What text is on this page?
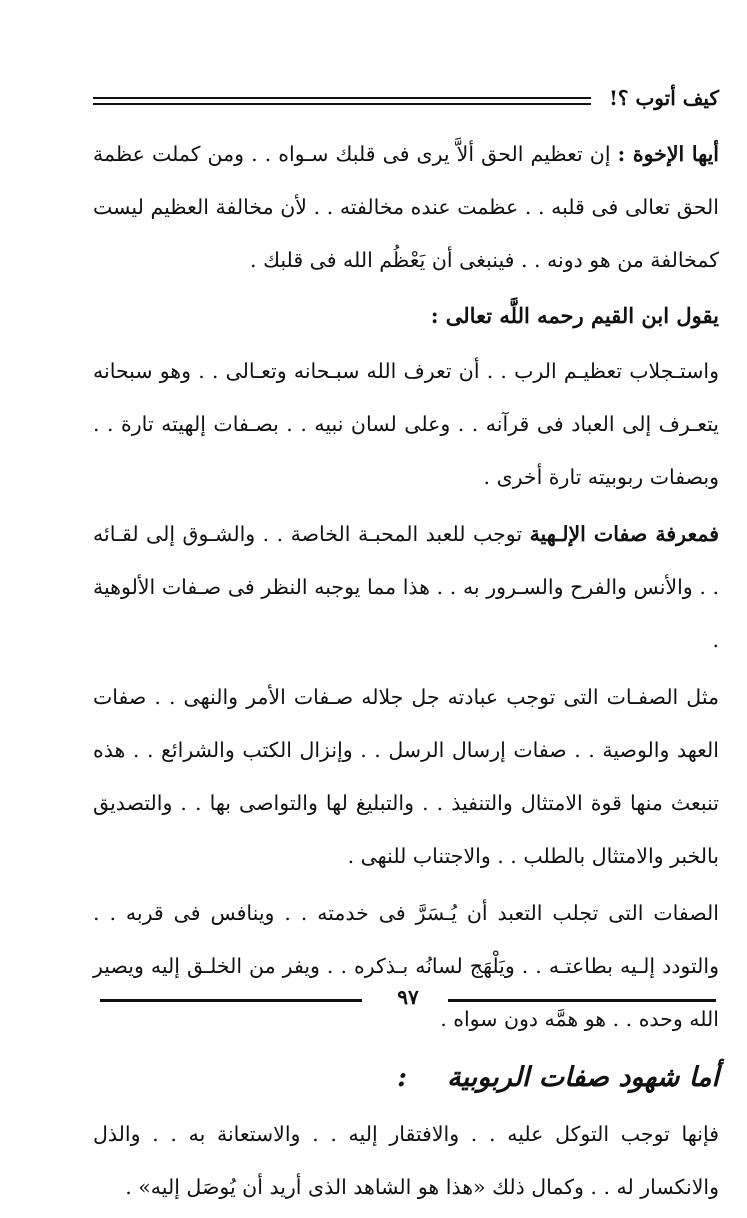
كيف أتوب ؟!

أيها الإخوة : إن تعظيم الحق ألاَّ يرى فى قلبك سـواه . . ومن كملت عظمة الحق تعالى فى قلبه . . عظمت عنده مخالفته . . لأن مخالفة العظيم ليست كمخالفة من هو دونه . . فينبغى أن يَعْظُم الله فى قلبك .

يقول ابن القيم رحمه اللَّه تعالى :

واستـجلاب تعظيـم الرب . . أن تعرف الله سبـحانه وتعـالى . . وهو سبحانه يتعـرف إلى العباد فى قرآنه . . وعلى لسان نبيه . . بصـفات إلهيته تارة . . وبصفات ربوبيته تارة أخرى .

فمعرفة صفات الإلـهية توجب للعبد المحبـة الخاصة . . والشـوق إلى لقـائه . . والأنس والفرح والسـرور به . . هذا مما يوجبه النظر فى صـفات الألوهية .

مثل الصفـات التى توجب عبادته جل جلاله صـفات الأمر والنهى . . صفات العهد والوصية . . صفات إرسال الرسل . . وإنزال الكتب والشرائع . . هذه تنبعث منها قوة الامتثال والتنفيذ . . والتبليغ لها والتواصى بها . . والتصديق بالخبر والامتثال بالطلب . . والاجتناب للنهى .

الصفات التى تجلب التعبد أن يُـسَرَّ فى خدمته . . وينافس فى قربه . . والتودد إلـيه بطاعتـه . . ويَلْهَج لسانُه بـذكره . . ويفر من الخلـق إليه ويصير الله وحده . . هو همَّه دون سواه .

أما شهود صفات الربوبية:

فإنها توجب التوكل عليه . . والافتقار إليه . . والاستعانة به . . والذل والانكسار له . . وكمال ذلك «هذا هو الشاهد الذى أريد أن يُوصَل إليه» .

٩٧
